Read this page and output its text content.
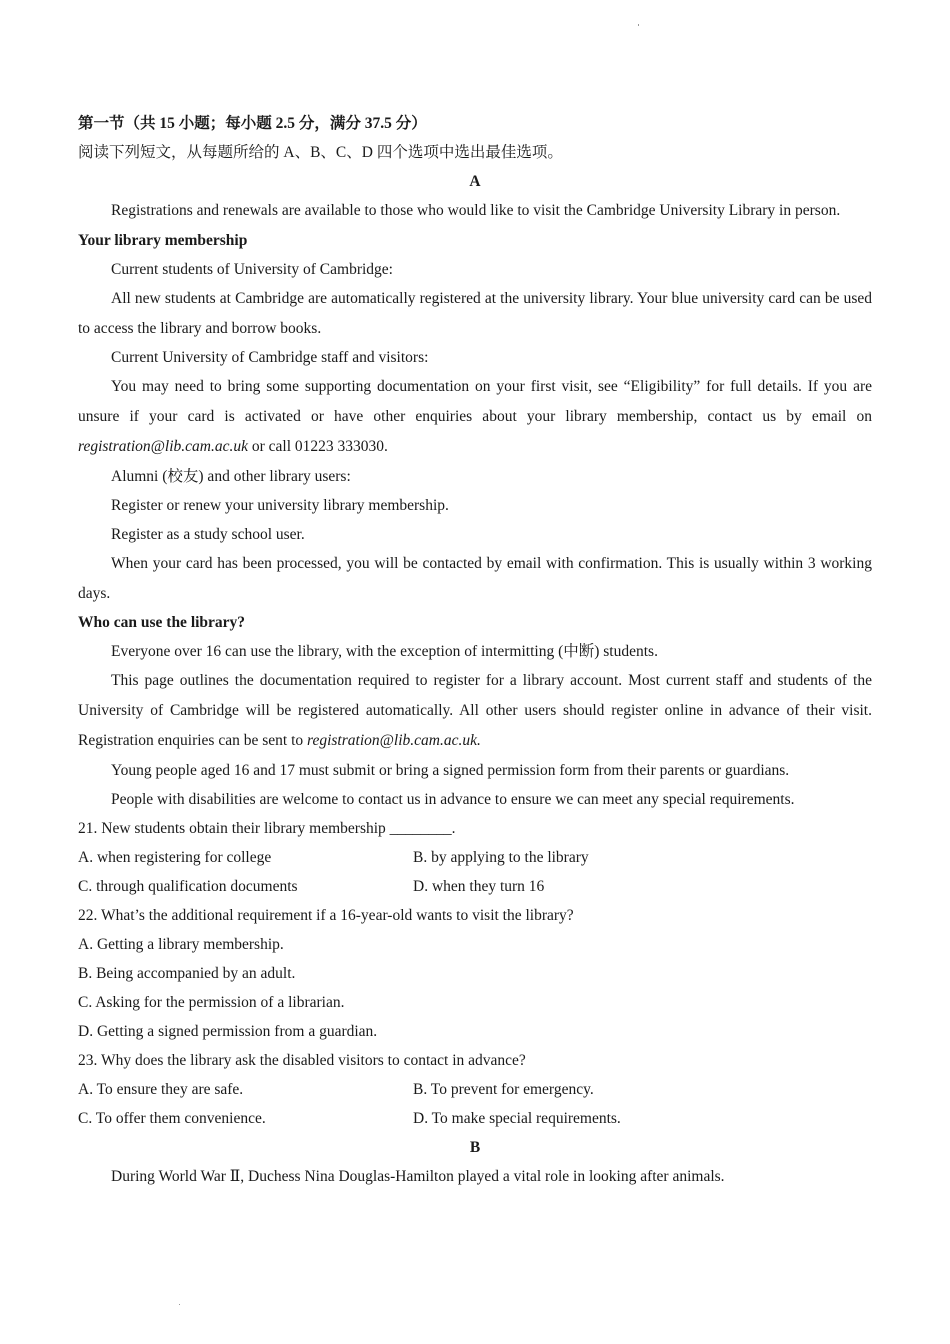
第一节（共 15 小题；每小题 2.5 分，满分 37.5 分）
阅读下列短文，从每题所给的 A、B、C、D 四个选项中选出最佳选项。
A
Registrations and renewals are available to those who would like to visit the Cambridge University Library in person.
Your library membership
Current students of University of Cambridge:
All new students at Cambridge are automatically registered at the university library. Your blue university card can be used to access the library and borrow books.
Current University of Cambridge staff and visitors:
You may need to bring some supporting documentation on your first visit, see “Eligibility” for full details. If you are unsure if your card is activated or have other enquiries about your library membership, contact us by email on registration@lib.cam.ac.uk or call 01223 333030.
Alumni (校友) and other library users:
Register or renew your university library membership.
Register as a study school user.
When your card has been processed, you will be contacted by email with confirmation. This is usually within 3 working days.
Who can use the library?
Everyone over 16 can use the library, with the exception of intermitting (中断) students.
This page outlines the documentation required to register for a library account. Most current staff and students of the University of Cambridge will be registered automatically. All other users should register online in advance of their visit. Registration enquiries can be sent to registration@lib.cam.ac.uk.
Young people aged 16 and 17 must submit or bring a signed permission form from their parents or guardians.
People with disabilities are welcome to contact us in advance to ensure we can meet any special requirements.
21. New students obtain their library membership ________.
A. when registering for college	B. by applying to the library
C. through qualification documents	D. when they turn 16
22. What’s the additional requirement if a 16-year-old wants to visit the library?
A. Getting a library membership.
B. Being accompanied by an adult.
C. Asking for the permission of a librarian.
D. Getting a signed permission from a guardian.
23. Why does the library ask the disabled visitors to contact in advance?
A. To ensure they are safe.	B. To prevent for emergency.
C. To offer them convenience.	D. To make special requirements.
B
During World War Ⅱ, Duchess Nina Douglas-Hamilton played a vital role in looking after animals.
